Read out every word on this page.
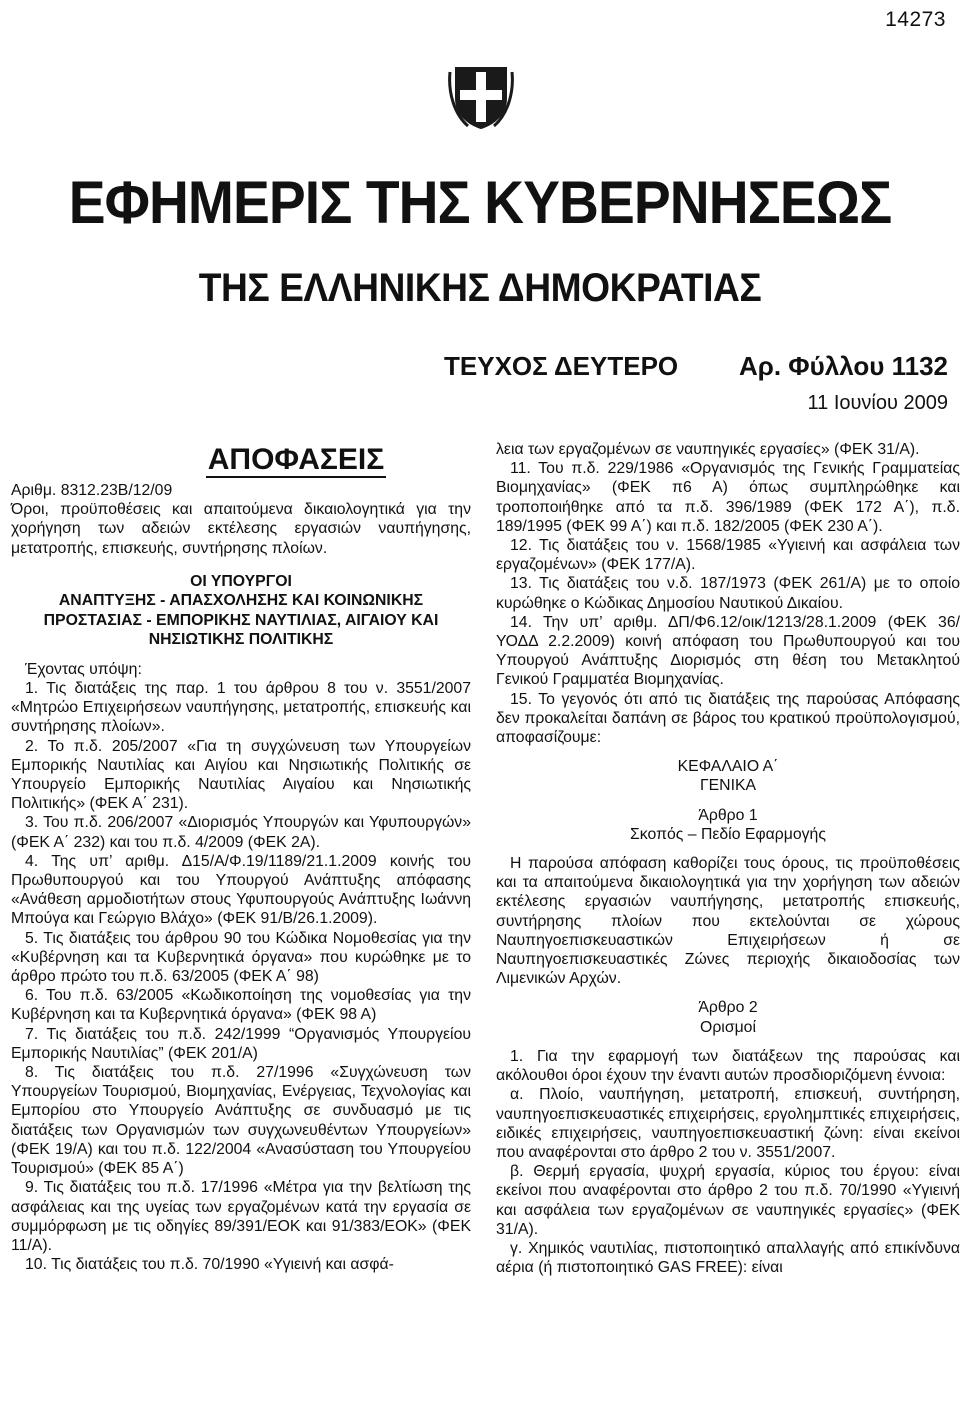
14273
ΕΦΗΜΕΡΙΣ ΤΗΣ ΚΥΒΕΡΝΗΣΕΩΣ
ΤΗΣ ΕΛΛΗΝΙΚΗΣ ΔΗΜΟΚΡΑΤΙΑΣ
ΤΕΥΧΟΣ ΔΕΥΤΕΡΟ Αρ. Φύλλου 1132
11 Ιουνίου 2009
ΑΠΟΦΑΣΕΙΣ

Αριθμ. 8312.23Β/12/09

Όροι, προϋποθέσεις και απαιτούμενα δικαιολογητικά για την χορήγηση των αδειών εκτέλεσης εργασιών ναυπήγησης, μετατροπής, επισκευής, συντήρησης πλοίων.

ΟΙ ΥΠΟΥΡΓΟΙ
ΑΝΑΠΤΥΞΗΣ - ΑΠΑΣΧΟΛΗΣΗΣ ΚΑΙ ΚΟΙΝΩΝΙΚΗΣ ΠΡΟΣΤΑΣΙΑΣ - ΕΜΠΟΡΙΚΗΣ ΝΑΥΤΙΛΙΑΣ, ΑΙΓΑΙΟΥ ΚΑΙ ΝΗΣΙΩΤΙΚΗΣ ΠΟΛΙΤΙΚΗΣ

Έχοντας υπόψη:

1. Τις διατάξεις της παρ. 1 του άρθρου 8 του ν. 3551/2007 «Μητρώο Επιχειρήσεων ναυπήγησης, μετατροπής, επισκευής και συντήρησης πλοίων».

2. Το π.δ. 205/2007 «Για τη συγχώνευση των Υπουργείων Εμπορικής Ναυτιλίας και Αιγίου και Νησιωτικής Πολιτικής σε Υπουργείο Εμπορικής Ναυτιλίας Αιγαίου και Νησιωτικής Πολιτικής» (ΦΕΚ Α΄ 231).

3. Του π.δ. 206/2007 «Διορισμός Υπουργών και Υφυπουργών» (ΦΕΚ Α΄ 232) και του π.δ. 4/2009 (ΦΕΚ 2Α).

4. Της υπ’ αριθμ. Δ15/Α/Φ.19/1189/21.1.2009 κοινής του Πρωθυπουργού και του Υπουργού Ανάπτυξης απόφασης «Ανάθεση αρμοδιοτήτων στους Υφυπουργούς Ανάπτυξης Ιωάννη Μπούγα και Γεώργιο Βλάχο» (ΦΕΚ 91/Β/26.1.2009).

5. Τις διατάξεις του άρθρου 90 του Κώδικα Νομοθεσίας για την «Κυβέρνηση και τα Κυβερνητικά όργανα» που κυρώθηκε με το άρθρο πρώτο του π.δ. 63/2005 (ΦΕΚ Α΄ 98)

6. Του π.δ. 63/2005 «Κωδικοποίηση της νομοθεσίας για την Κυβέρνηση και τα Κυβερνητικά όργανα» (ΦΕΚ 98 Α)

7. Τις διατάξεις του π.δ. 242/1999 “Οργανισμός Υπουργείου Εμπορικής Ναυτιλίας” (ΦΕΚ 201/Α)

8. Τις διατάξεις του π.δ. 27/1996 «Συγχώνευση των Υπουργείων Τουρισμού, Βιομηχανίας, Ενέργειας, Τεχνολογίας και Εμπορίου στο Υπουργείο Ανάπτυξης σε συνδυασμό με τις διατάξεις των Οργανισμών των συγχωνευθέντων Υπουργείων» (ΦΕΚ 19/Α) και του π.δ. 122/2004 «Ανασύσταση του Υπουργείου Τουρισμού» (ΦΕΚ 85 Α΄)

9. Τις διατάξεις του π.δ. 17/1996 «Μέτρα για την βελτίωση της ασφάλειας και της υγείας των εργαζομένων κατά την εργασία σε συμμόρφωση με τις οδηγίες 89/391/ΕΟΚ και 91/383/ΕΟΚ» (ΦΕΚ 11/Α).

10. Τις διατάξεις του π.δ. 70/1990 «Υγιεινή και ασφά-

λεια των εργαζομένων σε ναυπηγικές εργασίες» (ΦΕΚ 31/Α).

11. Του π.δ. 229/1986 «Οργανισμός της Γενικής Γραμματείας Βιομηχανίας» (ΦΕΚ π6 Α) όπως συμπληρώθηκε και τροποποιήθηκε από τα π.δ. 396/1989 (ΦΕΚ 172 Α΄), π.δ. 189/1995 (ΦΕΚ 99 Α΄) και π.δ. 182/2005 (ΦΕΚ 230 Α΄).

12. Τις διατάξεις του ν. 1568/1985 «Υγιεινή και ασφάλεια των εργαζομένων» (ΦΕΚ 177/Α).

13. Τις διατάξεις του ν.δ. 187/1973 (ΦΕΚ 261/Α) με το οποίο κυρώθηκε ο Κώδικας Δημοσίου Ναυτικού Δικαίου.

14. Την υπ’ αριθμ. ΔΠ/Φ6.12/οικ/1213/28.1.2009 (ΦΕΚ 36/ΥΟΔΔ 2.2.2009) κοινή απόφαση του Πρωθυπουργού και του Υπουργού Ανάπτυξης Διορισμός στη θέση του Μετακλητού Γενικού Γραμματέα Βιομηχανίας.

15. Το γεγονός ότι από τις διατάξεις της παρούσας Απόφασης δεν προκαλείται δαπάνη σε βάρος του κρατικού προϋπολογισμού, αποφασίζουμε:

ΚΕΦΑΛΑΙΟ Α΄

ΓΕΝΙΚΑ

Άρθρο 1

Σκοπός – Πεδίο Εφαρμογής

Η παρούσα απόφαση καθορίζει τους όρους, τις προϋποθέσεις και τα απαιτούμενα δικαιολογητικά για την χορήγηση των αδειών εκτέλεσης εργασιών ναυπήγησης, μετατροπής επισκευής, συντήρησης πλοίων που εκτελούνται σε χώρους Ναυπηγοεπισκευαστικών Επιχειρήσεων ή σε Ναυπηγοεπισκευαστικές Ζώνες περιοχής δικαιοδοσίας των Λιμενικών Αρχών.

Άρθρο 2

Ορισμοί

1. Για την εφαρμογή των διατάξεων της παρούσας και ακόλουθοι όροι έχουν την έναντι αυτών προσδιοριζόμενη έννοια:

α. Πλοίο, ναυπήγηση, μετατροπή, επισκευή, συντήρηση, ναυπηγοεπισκευαστικές επιχειρήσεις, εργολημπτικές επιχειρήσεις, ειδικές επιχειρήσεις, ναυπηγοεπισκευαστική ζώνη: είναι εκείνοι που αναφέρονται στο άρθρο 2 του ν. 3551/2007.

β. Θερμή εργασία, ψυχρή εργασία, κύριος του έργου: είναι εκείνοι που αναφέρονται στο άρθρο 2 του π.δ. 70/1990 «Υγιεινή και ασφάλεια των εργαζομένων σε ναυπηγικές εργασίες» (ΦΕΚ 31/Α).

γ. Χημικός ναυτιλίας, πιστοποιητικό απαλλαγής από επικίνδυνα αέρια (ή πιστοποιητικό GAS FREE): είναι
